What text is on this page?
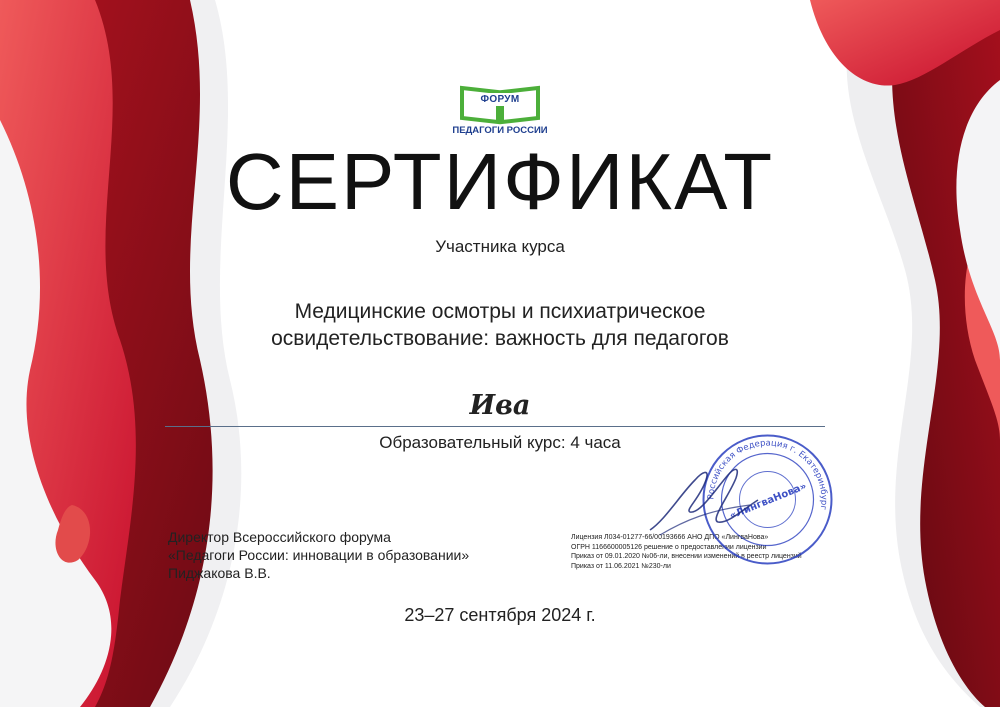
ФОРУМ
ПЕДАГОГИ РОССИИ
СЕРТИФИКАТ
Участника курса
Медицинские осмотры и психиатрическое
освидетельствование: важность для педагогов
Ива
Образовательный курс: 4 часа
Директор Всероссийского форума
«Педагоги России: инновации в образовании»
Пиджакова В.В.
Лицензия Л034-01277-66/00193666 АНО ДПО «ЛингваНова»
ОГРН 1166600005126 решение о предоставлении лицензии
Приказ от 09.01.2020 №06-ли, внесении изменений в реестр лицензий
Приказ от 11.06.2021 №230-ли
Российская Федерация г. Екатеринбург
«ЛингваНова»
23–27 сентября 2024 г.
